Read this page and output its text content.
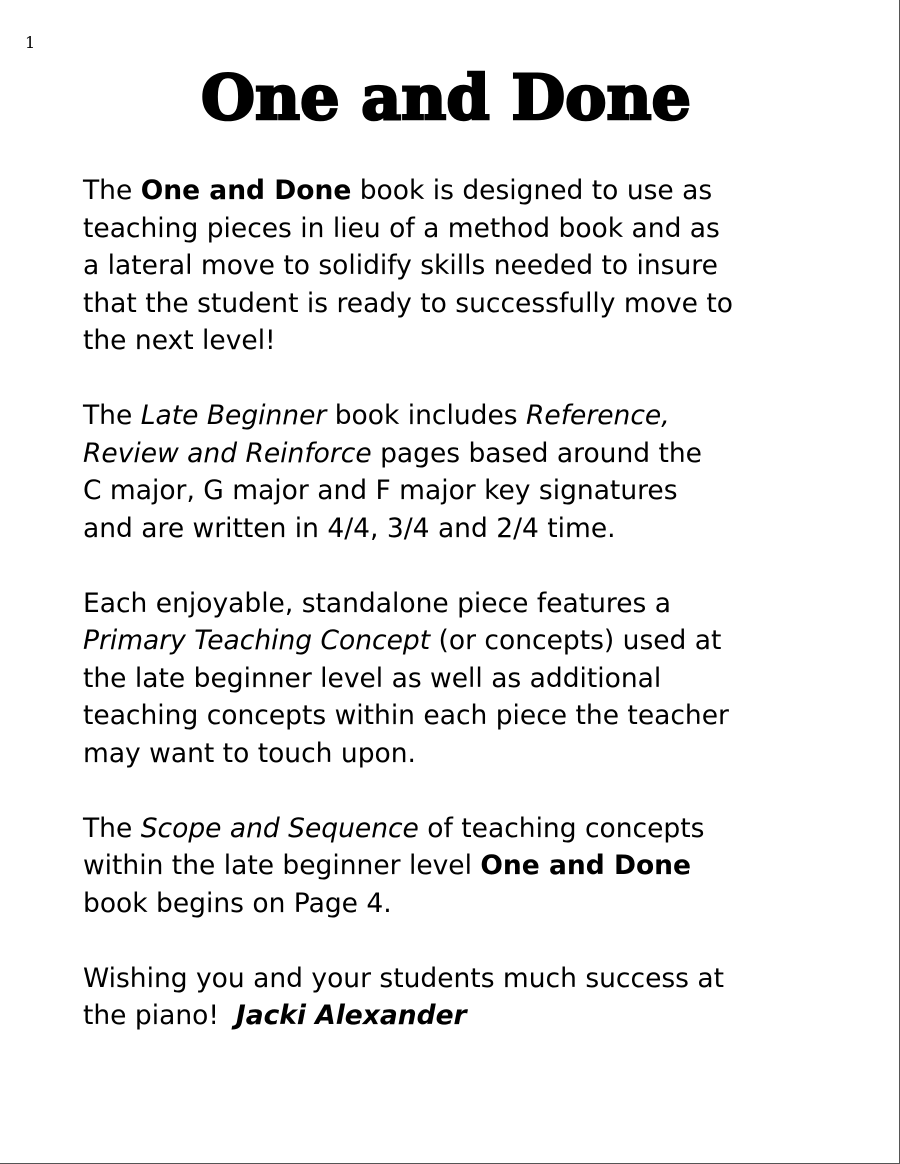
1
One and Done

The One and Done book is designed to use as
teaching pieces in lieu of a method book and as
a lateral move to solidify skills needed to insure
that the student is ready to successfully move to
the next level!

The Late Beginner book includes Reference,
Review and Reinforce pages based around the
C major, G major and F major key signatures
and are written in 4/4, 3/4 and 2/4 time.

Each enjoyable, standalone piece features a
Primary Teaching Concept (or concepts) used at
the late beginner level as well as additional
teaching concepts within each piece the teacher
may want to touch upon.

The Scope and Sequence of teaching concepts
within the late beginner level One and Done
book begins on Page 4.

Wishing you and your students much success at
the piano!  Jacki Alexander
